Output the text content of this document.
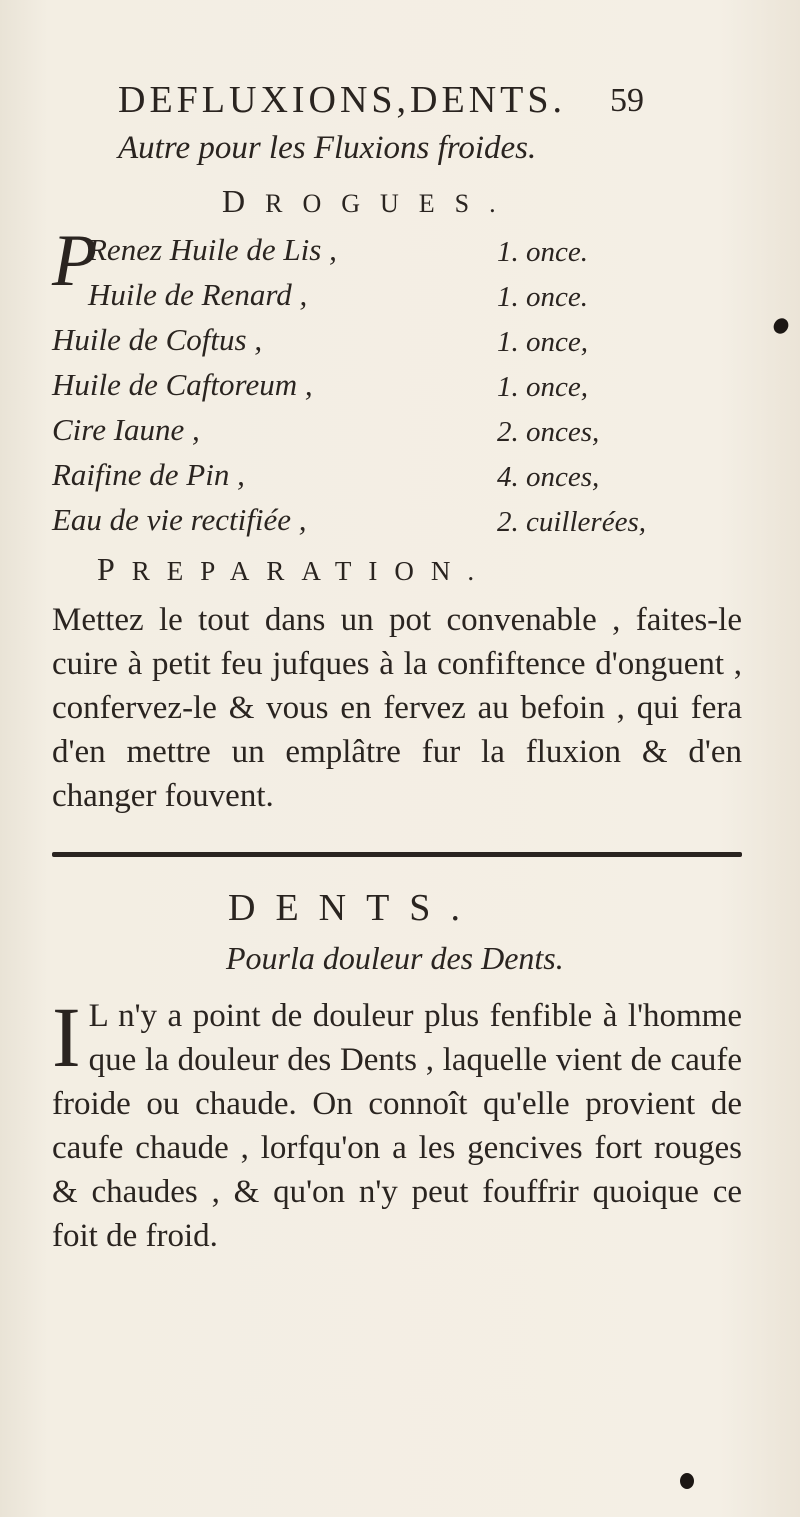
DEFLUXIONS,DENTS. 59
Autre pour les Fluxions froides.
DROGUES.
P
Renez Huile de Lis ,	1. once.
Huile de Renard ,	1. once.
Huile de Coftus ,	1. once,
Huile de Caftoreum ,	1. once,
Cire Iaune ,	2. onces,
Raifine de Pin ,	4. onces,
Eau de vie rectifiée ,	2. cuillerées,
PREPARATION.
Mettez le tout dans un pot convenable , faites-le cuire à petit feu jufques à la confiftence d'onguent , confervez-le & vous en fervez au befoin , qui fera d'en mettre un emplâtre fur la fluxion & d'en changer fouvent.
DENTS.
Pourla douleur des Dents.
I L n'y a point de douleur plus fenfible à l'homme que la douleur des Dents , laquelle vient de caufe froide ou chaude. On connoît qu'elle provient de caufe chaude , lorfqu'on a les gencives fort rouges & chaudes , & qu'on n'y peut fouffrir quoique ce foit de froid.
